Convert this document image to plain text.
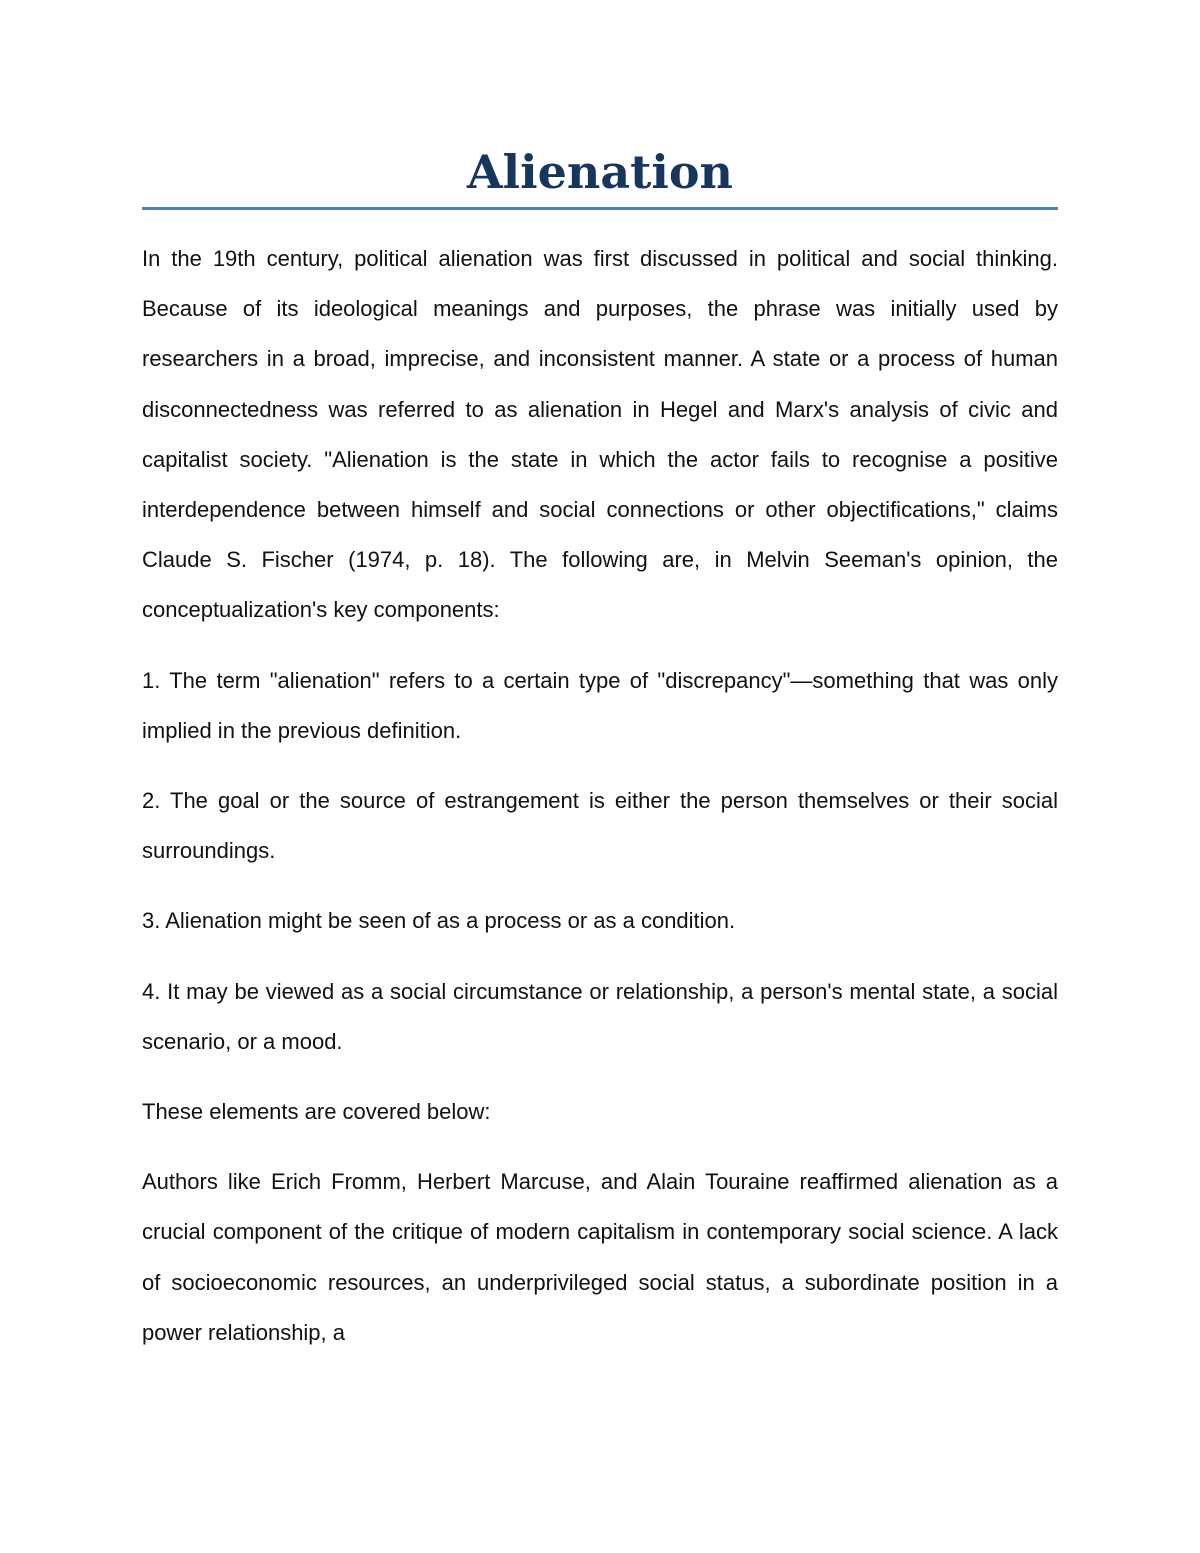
Alienation

In the 19th century, political alienation was first discussed in political and social thinking. Because of its ideological meanings and purposes, the phrase was initially used by researchers in a broad, imprecise, and inconsistent manner. A state or a process of human disconnectedness was referred to as alienation in Hegel and Marx's analysis of civic and capitalist society. "Alienation is the state in which the actor fails to recognise a positive interdependence between himself and social connections or other objectifications," claims Claude S. Fischer (1974, p. 18). The following are, in Melvin Seeman's opinion, the conceptualization's key components:

1. The term "alienation" refers to a certain type of "discrepancy"—something that was only implied in the previous definition.

2. The goal or the source of estrangement is either the person themselves or their social surroundings.

3. Alienation might be seen of as a process or as a condition.

4. It may be viewed as a social circumstance or relationship, a person's mental state, a social scenario, or a mood.

These elements are covered below:

Authors like Erich Fromm, Herbert Marcuse, and Alain Touraine reaffirmed alienation as a crucial component of the critique of modern capitalism in contemporary social science. A lack of socioeconomic resources, an underprivileged social status, a subordinate position in a power relationship, a
